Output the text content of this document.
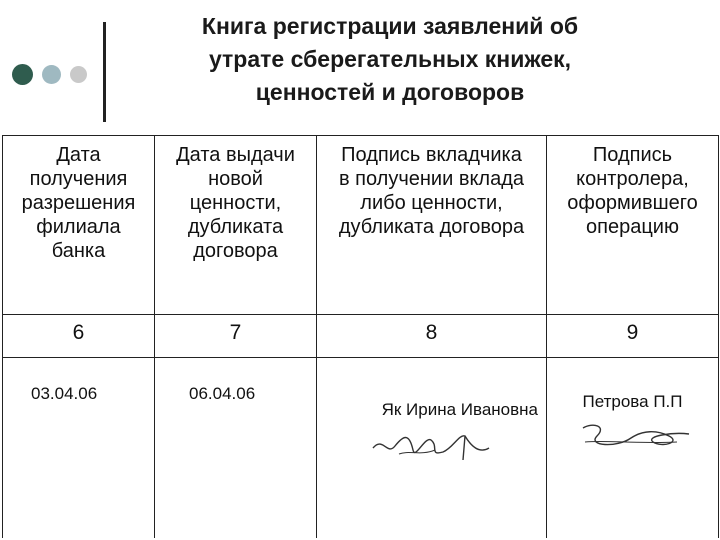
Книга регистрации заявлений об
утрате сберегательных книжек,
ценностей и договоров
Дата
получения
разрешения
филиала
банка	Дата выдачи
новой
ценности,
дубликата
договора	Подпись вкладчика
в получении вклада
либо ценности,
дубликата договора	Подпись
контролера,
оформившего
операцию

6	7	8	9

03.04.06	06.04.06	Як Ирина Ивановна	Петрова П.П
